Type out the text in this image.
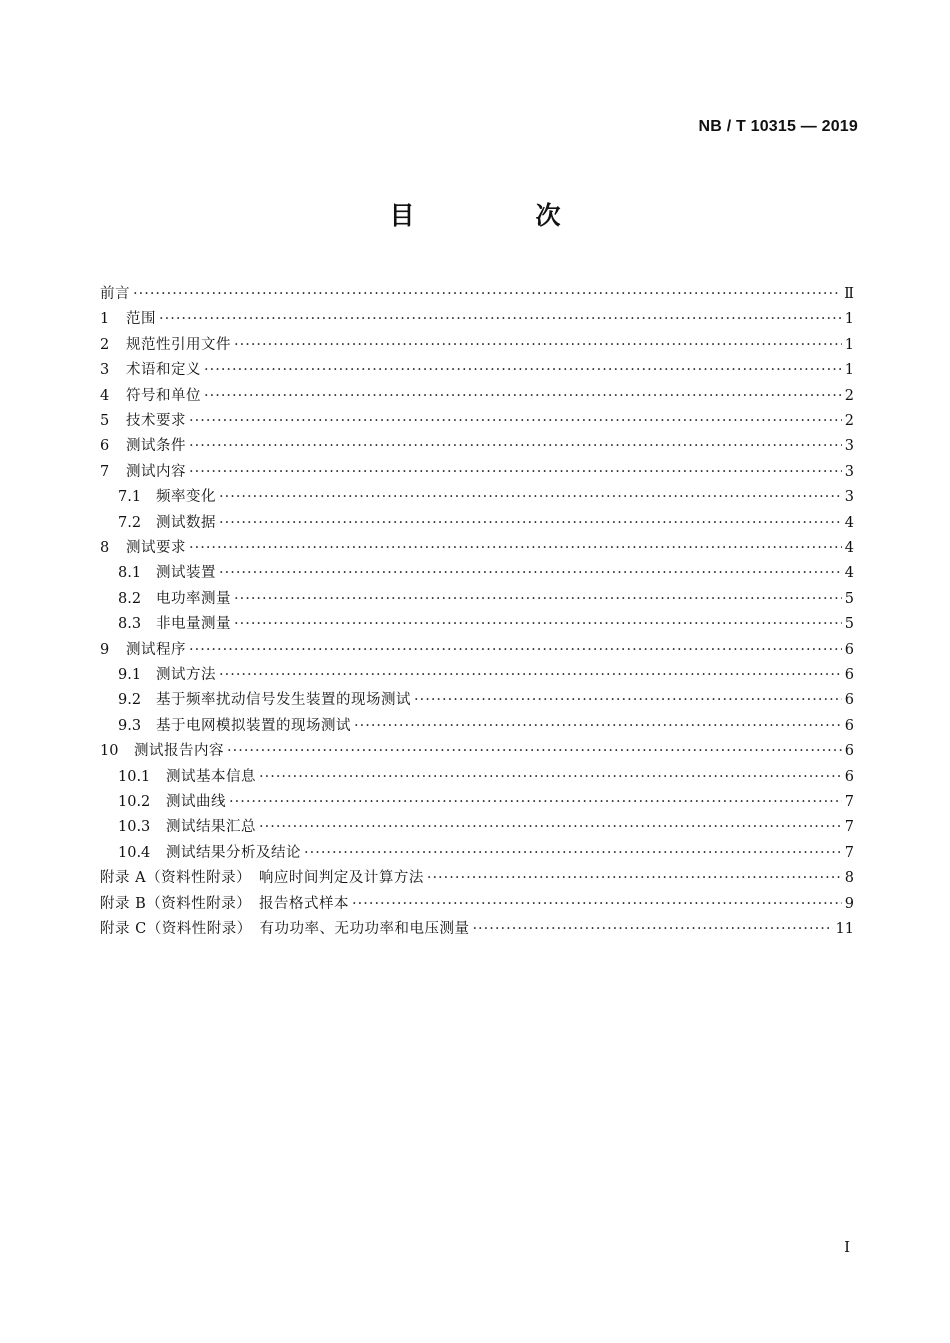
NB / T 10315 — 2019
目　次
前言 ·····	Ⅱ
1	范围 ·····	1
2	规范性引用文件 ·····	1
3	术语和定义 ·····	1
4	符号和单位 ·····	2
5	技术要求 ·····	2
6	测试条件 ·····	3
7	测试内容 ·····	3
7.1	频率变化 ·····	3
7.2	测试数据 ·····	4
8	测试要求 ·····	4
8.1	测试装置 ·····	4
8.2	电功率测量 ·····	5
8.3	非电量测量 ·····	5
9	测试程序 ·····	6
9.1	测试方法 ·····	6
9.2	基于频率扰动信号发生装置的现场测试 ·····	6
9.3	基于电网模拟装置的现场测试 ·····	6
10	测试报告内容 ·····	6
10.1	测试基本信息 ·····	6
10.2	测试曲线 ·····	7
10.3	测试结果汇总 ·····	7
10.4	测试结果分析及结论 ·····	7
附录 A（资料性附录）　响应时间判定及计算方法 ·····	8
附录 B（资料性附录）　报告格式样本 ·····	9
附录 C（资料性附录）　有功功率、无功功率和电压测量 ·····	11
I
